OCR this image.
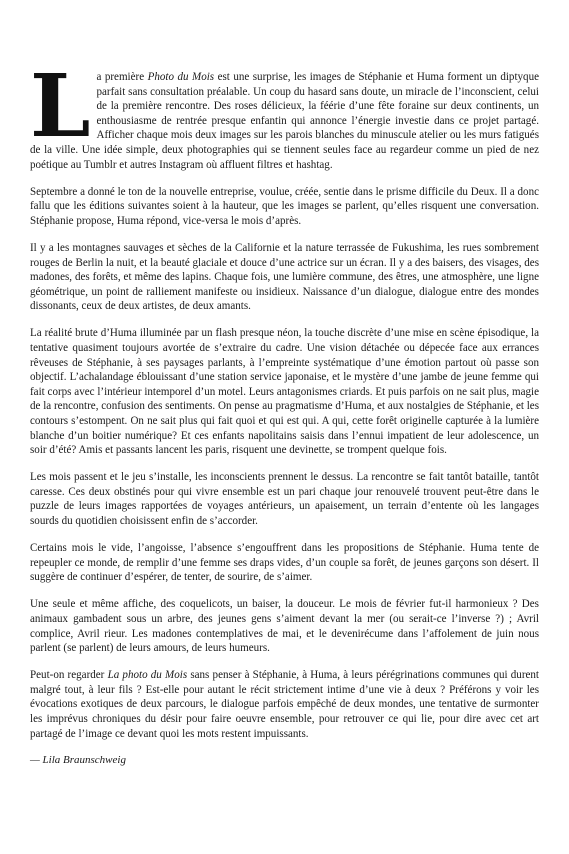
La première Photo du Mois est une surprise, les images de Stéphanie et Huma forment un diptyque parfait sans consultation préalable. Un coup du hasard sans doute, un miracle de l’inconscient, celui de la première rencontre. Des roses délicieux, la féérie d’une fête foraine sur deux continents, un enthousiasme de rentrée presque enfantin qui annonce l’énergie investie dans ce projet partagé. Afficher chaque mois deux images sur les parois blanches du minuscule atelier ou les murs fatigués de la ville. Une idée simple, deux photographies qui se tiennent seules face au regardeur comme un pied de nez poétique au Tumblr et autres Instagram où affluent filtres et hashtag.

Septembre a donné le ton de la nouvelle entreprise, voulue, créée, sentie dans le prisme difficile du Deux. Il a donc fallu que les éditions suivantes soient à la hauteur, que les images se parlent, qu’elles risquent une conversation. Stéphanie propose, Huma répond, vice-versa le mois d’après.

Il y a les montagnes sauvages et sèches de la Californie et la nature terrassée de Fukushima, les rues sombrement rouges de Berlin la nuit, et la beauté glaciale et douce d’une actrice sur un écran. Il y a des baisers, des visages, des madones, des forêts, et même des lapins. Chaque fois, une lumière commune, des êtres, une atmosphère, une ligne géométrique, un point de ralliement manifeste ou insidieux. Naissance d’un dialogue, dialogue entre des mondes dissonants, ceux de deux artistes, de deux amants.

La réalité brute d’Huma illuminée par un flash presque néon, la touche discrète d’une mise en scène épisodique, la tentative quasiment toujours avortée de s’extraire du cadre. Une vision détachée ou dépecée face aux errances rêveuses de Stéphanie, à ses paysages parlants, à l’empreinte systématique d’une émotion partout où passe son objectif. L’achalandage éblouissant d’une station service japonaise, et le mystère d’une jambe de jeune femme qui fait corps avec l’intérieur intemporel d’un motel. Leurs antagonismes criards. Et puis parfois on ne sait plus, magie de la rencontre, confusion des sentiments. On pense au pragmatisme d’Huma, et aux nostalgies de Stéphanie, et les contours s’estompent. On ne sait plus qui fait quoi et qui est qui. A qui, cette forêt originelle capturée à la lumière blanche d’un boitier numérique? Et ces enfants napolitains saisis dans l’ennui impatient de leur adolescence, un soir d’été? Amis et passants lancent les paris, risquent une devinette, se trompent quelque fois.

Les mois passent et le jeu s’installe, les inconscients prennent le dessus. La rencontre se fait tantôt bataille, tantôt caresse. Ces deux obstinés pour qui vivre ensemble est un pari chaque jour renouvelé trouvent peut-être dans le puzzle de leurs images rapportées de voyages antérieurs, un apaisement, un terrain d’entente où les langages sourds du quotidien choisissent enfin de s’accorder.

Certains mois le vide, l’angoisse, l’absence s’engouffrent dans les propositions de Stéphanie. Huma tente de repeupler ce monde, de remplir d’une femme ses draps vides, d’un couple sa forêt, de jeunes garçons son désert. Il suggère de continuer d’espérer, de tenter, de sourire, de s’aimer.

Une seule et même affiche, des coquelicots, un baiser, la douceur. Le mois de février fut-il harmonieux ? Des animaux gambadent sous un arbre, des jeunes gens s’aiment devant la mer (ou serait-ce l’inverse ?) ; Avril complice, Avril rieur. Les madones contemplatives de mai, et le devenirécume dans l’affolement de juin nous parlent (se parlent) de leurs amours, de leurs humeurs.

Peut-on regarder La photo du Mois sans penser à Stéphanie, à Huma, à leurs pérégrinations communes qui durent malgré tout, à leur fils ? Est-elle pour autant le récit strictement intime d’une vie à deux ? Préférons y voir les évocations exotiques de deux parcours, le dialogue parfois empêché de deux mondes, une tentative de surmonter les imprévus chroniques du désir pour faire oeuvre ensemble, pour retrouver ce qui lie, pour dire avec cet art partagé de l’image ce devant quoi les mots restent impuissants.

— Lila Braunschweig
